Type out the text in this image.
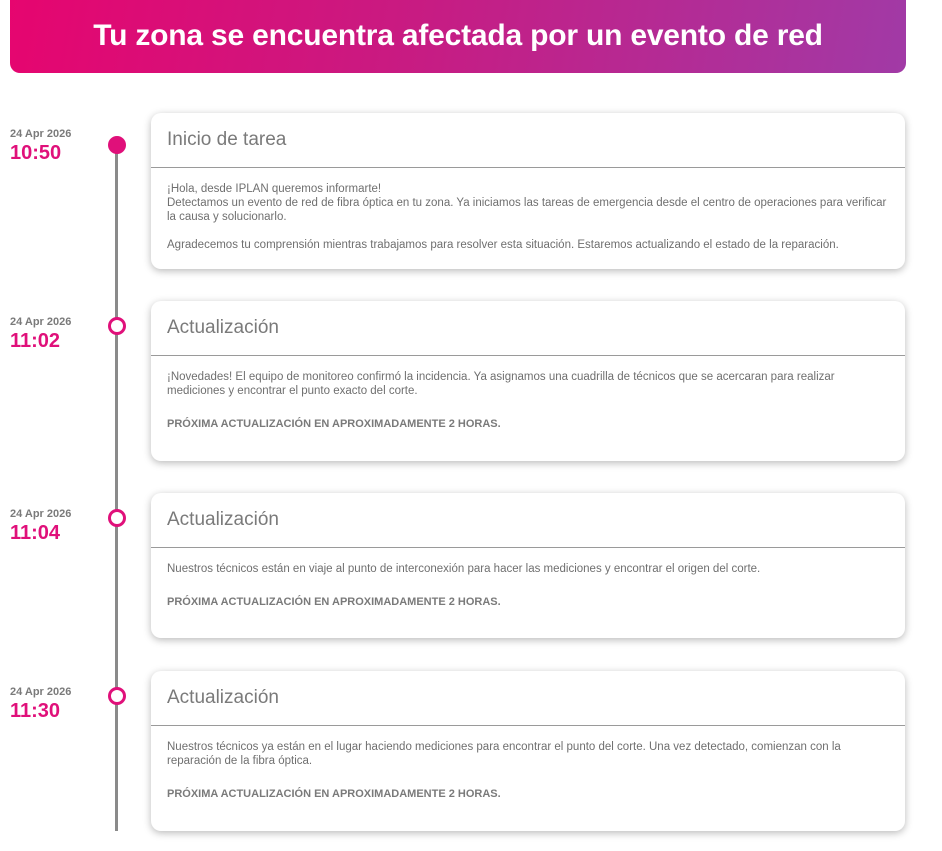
Tu zona se encuentra afectada por un evento de red
24 Apr 2026
10:50
Inicio de tarea

¡Hola, desde IPLAN queremos informarte!

Detectamos un evento de red de fibra óptica en tu zona. Ya iniciamos las tareas de emergencia desde el centro de operaciones para verificar la causa y solucionarlo.

Agradecemos tu comprensión mientras trabajamos para resolver esta situación. Estaremos actualizando el estado de la reparación.

24 Apr 2026
11:02
Actualización

¡Novedades! El equipo de monitoreo confirmó la incidencia. Ya asignamos una cuadrilla de técnicos que se acercaran para realizar mediciones y encontrar el punto exacto del corte.

PRÓXIMA ACTUALIZACIÓN EN APROXIMADAMENTE 2 HORAS.

24 Apr 2026
11:04
Actualización

Nuestros técnicos están en viaje al punto de interconexión para hacer las mediciones y encontrar el origen del corte.

PRÓXIMA ACTUALIZACIÓN EN APROXIMADAMENTE 2 HORAS.

24 Apr 2026
11:30
Actualización

Nuestros técnicos ya están en el lugar haciendo mediciones para encontrar el punto del corte. Una vez detectado, comienzan con la reparación de la fibra óptica.

PRÓXIMA ACTUALIZACIÓN EN APROXIMADAMENTE 2 HORAS.
